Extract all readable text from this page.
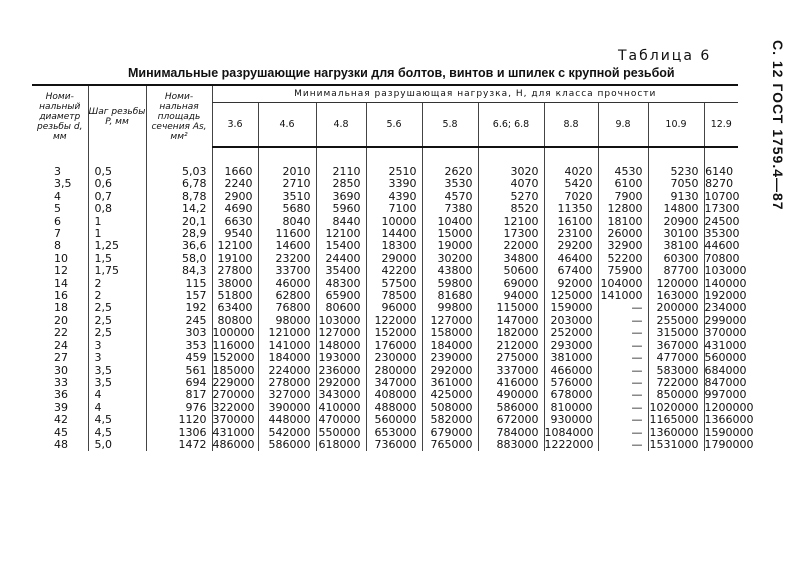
С. 12 ГОСТ 1759.4—87
Таблица 6
Минимальные разрушающие нагрузки для болтов, винтов и шпилек с крупной резьбой
Номи-нальный диаметр резьбы d, мм	Шаг резьбы P, мм	Номи-нальная площадь сечения As, мм²	Минимальная разрушающая нагрузка, Н, для класса прочности									
			3.6	4.6	4.8	5.6	5.8	6.6; 6.8	8.8	9.8	10.9	12.9
3	0,5	5,03	1660	2010	2110	2510	2620	3020	4020	4530	5230	6140
3,5	0,6	6,78	2240	2710	2850	3390	3530	4070	5420	6100	7050	8270
4	0,7	8,78	2900	3510	3690	4390	4570	5270	7020	7900	9130	10700
5	0,8	14,2	4690	5680	5960	7100	7380	8520	11350	12800	14800	17300
6	1	20,1	6630	8040	8440	10000	10400	12100	16100	18100	20900	24500
7	1	28,9	9540	11600	12100	14400	15000	17300	23100	26000	30100	35300
8	1,25	36,6	12100	14600	15400	18300	19000	22000	29200	32900	38100	44600
10	1,5	58,0	19100	23200	24400	29000	30200	34800	46400	52200	60300	70800
12	1,75	84,3	27800	33700	35400	42200	43800	50600	67400	75900	87700	103000
14	2	115	38000	46000	48300	57500	59800	69000	92000	104000	120000	140000
16	2	157	51800	62800	65900	78500	81680	94000	125000	141000	163000	192000
18	2,5	192	63400	76800	80600	96000	99800	115000	159000	—	200000	234000
20	2,5	245	80800	98000	103000	122000	127000	147000	203000	—	255000	299000
22	2,5	303	100000	121000	127000	152000	158000	182000	252000	—	315000	370000
24	3	353	116000	141000	148000	176000	184000	212000	293000	—	367000	431000
27	3	459	152000	184000	193000	230000	239000	275000	381000	—	477000	560000
30	3,5	561	185000	224000	236000	280000	292000	337000	466000	—	583000	684000
33	3,5	694	229000	278000	292000	347000	361000	416000	576000	—	722000	847000
36	4	817	270000	327000	343000	408000	425000	490000	678000	—	850000	997000
39	4	976	322000	390000	410000	488000	508000	586000	810000	—	1020000	1200000
42	4,5	1120	370000	448000	470000	560000	582000	672000	930000	—	1165000	1366000
45	4,5	1306	431000	542000	550000	653000	679000	784000	1084000	—	1360000	1590000
48	5,0	1472	486000	586000	618000	736000	765000	883000	1222000	—	1531000	1790000
